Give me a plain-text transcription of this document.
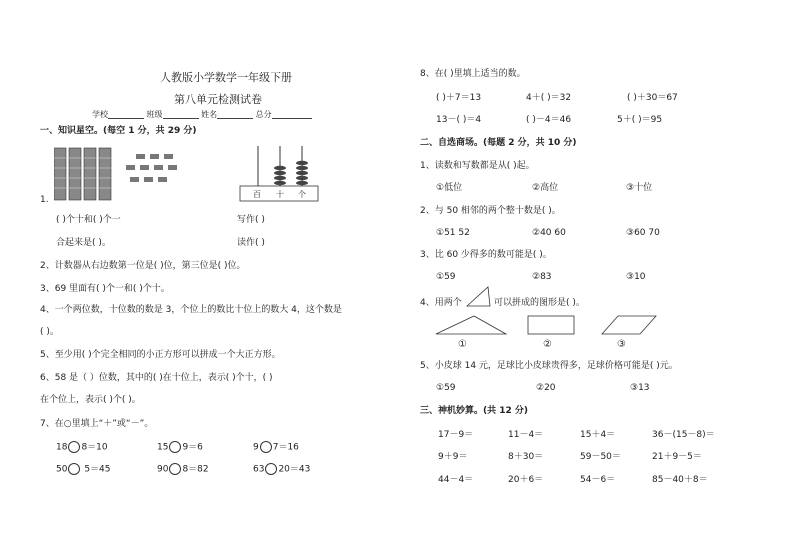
人教版小学数学一年级下册
第八单元检测试卷
学校	班级	姓名	总分
一、知识星空。(每空 1 分，共 29 分)
百 十 个
1.
( )个十和( )个一	写作( )
合起来是( )。	读作( )
2、计数器从右边数第一位是( )位，第三位是( )位。
3、69 里面有( )个一和( )个十。
4、一个两位数，十位数的数是 3，个位上的数比十位上的数大 4，这个数是
( )。
5、至少用( )个完全相同的小正方形可以拼成一个大正方形。
6、58 是（ ）位数，其中的( )在十位上，表示( )个十，( )
在个位上，表示( )个( )。
7、在○里填上“＋”或“－”。
18 8＝10	15 9＝6	9 7＝16
50 5＝45	90 8＝82	63 20＝43
8、在( )里填上适当的数。
( )＋7＝13	4＋( )＝32	( )＋30＝67
13－( )＝4	( )－4＝46	5＋( )＝95
二、自选商场。(每题 2 分，共 10 分)
1、读数和写数都是从( )起。
①低位	②高位	③十位
2、与 50 相邻的两个整十数是( )。
①51 52	②40 60	③60 70
3、比 60 少得多的数可能是( )。
①59	②83	③10
4、用两个	可以拼成的图形是( )。
①	②	③
5、小皮球 14 元，足球比小皮球贵得多，足球价格可能是( )元。
①59	②20	③13
三、神机妙算。(共 12 分)
17－9＝	11－4＝	15＋4＝	36－(15－8)＝
9＋9＝	8＋30＝	59－50＝	21＋9－5＝
44－4＝	20＋6＝	54－6＝	85－40＋8＝
